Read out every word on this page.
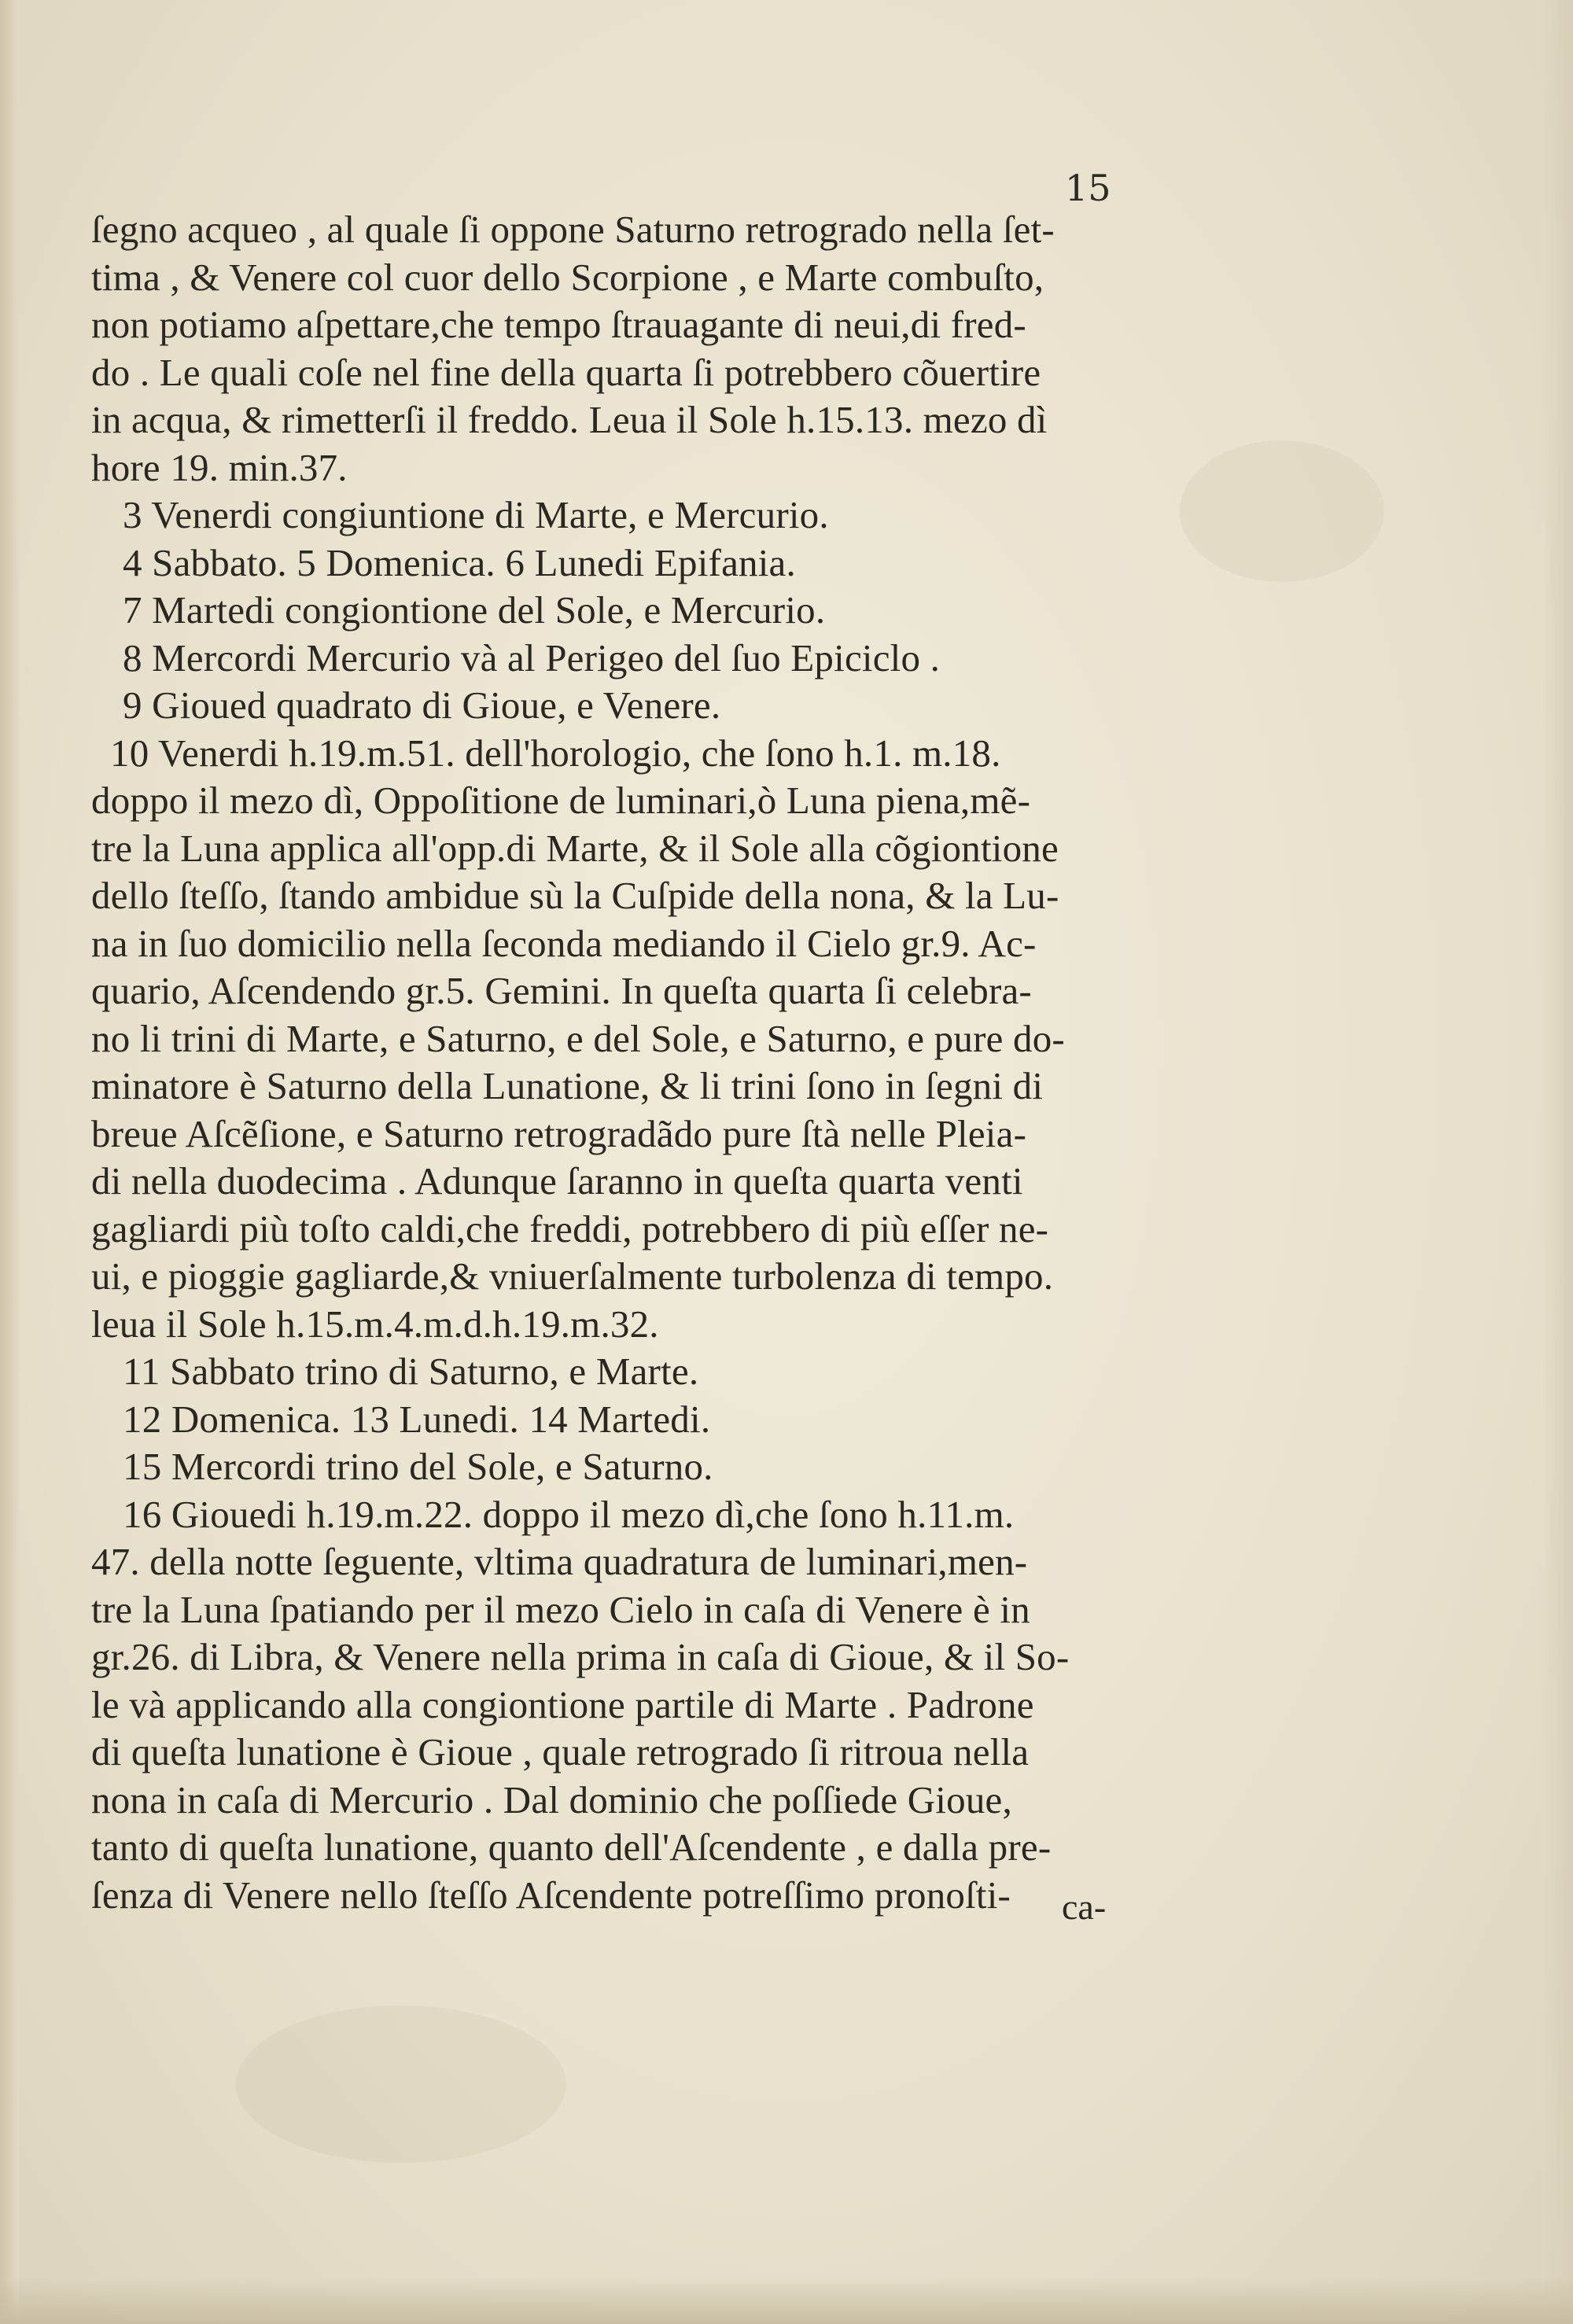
15
ſegno acqueo , al quale ſi oppone Saturno retrogrado nella ſet-
tima , & Venere col cuor dello Scorpione , e Marte combuſto,
non potiamo aſpettare,che tempo ſtrauagante di neui,di fred-
do . Le quali coſe nel fine della quarta ſi potrebbero cõuertire
in acqua, & rimetterſi il freddo. Leua il Sole h.15.13. mezo dì
hore 19. min.37.
3 Venerdi congiuntione di Marte, e Mercurio.
4 Sabbato. 5 Domenica. 6 Lunedi Epifania.
7 Martedi congiontione del Sole, e Mercurio.
8 Mercordi Mercurio và al Perigeo del ſuo Epiciclo .
9 Gioued quadrato di Gioue, e Venere.
10 Venerdi h.19.m.51. dell'horologio, che ſono h.1. m.18.
doppo il mezo dì, Oppoſitione de luminari,ò Luna piena,mẽ-
tre la Luna applica all'opp.di Marte, & il Sole alla cõgiontione
dello ſteſſo, ſtando ambidue sù la Cuſpide della nona, & la Lu-
na in ſuo domicilio nella ſeconda mediando il Cielo gr.9. Ac-
quario, Aſcendendo gr.5. Gemini. In queſta quarta ſi celebra-
no li trini di Marte, e Saturno, e del Sole, e Saturno, e pure do-
minatore è Saturno della Lunatione, & li trini ſono in ſegni di
breue Aſcẽſione, e Saturno retrogradãdo pure ſtà nelle Pleia-
di nella duodecima . Adunque ſaranno in queſta quarta venti
gagliardi più toſto caldi,che freddi, potrebbero di più eſſer ne-
ui, e pioggie gagliarde,& vniuerſalmente turbolenza di tempo.
leua il Sole h.15.m.4.m.d.h.19.m.32.
11 Sabbato trino di Saturno, e Marte.
12 Domenica. 13 Lunedi. 14 Martedi.
15 Mercordi trino del Sole, e Saturno.
16 Giouedi h.19.m.22. doppo il mezo dì,che ſono h.11.m.
47. della notte ſeguente, vltima quadratura de luminari,men-
tre la Luna ſpatiando per il mezo Cielo in caſa di Venere è in
gr.26. di Libra, & Venere nella prima in caſa di Gioue, & il So-
le và applicando alla congiontione partile di Marte . Padrone
di queſta lunatione è Gioue , quale retrogrado ſi ritroua nella
nona in caſa di Mercurio . Dal dominio che poſſiede Gioue,
tanto di queſta lunatione, quanto dell'Aſcendente , e dalla pre-
ſenza di Venere nello ſteſſo Aſcendente potreſſimo pronoſti-	ca-
